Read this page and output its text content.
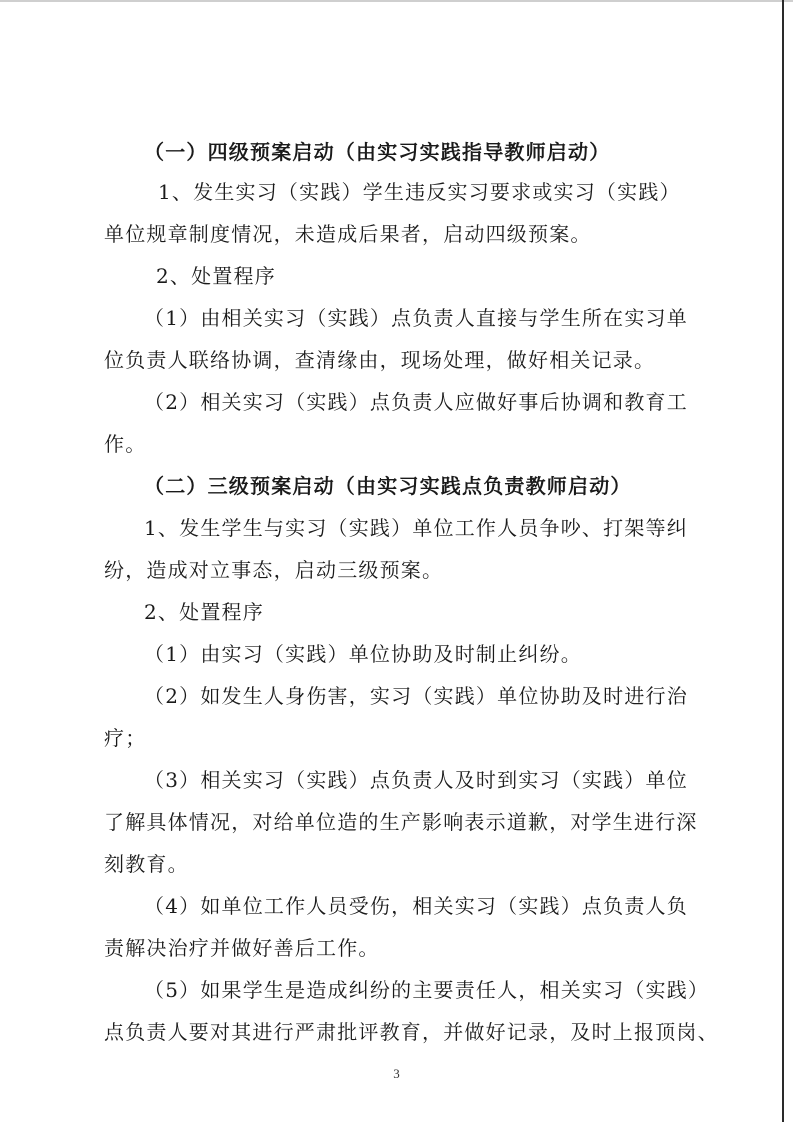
（一）四级预案启动（由实习实践指导教师启动）
1、发生实习（实践）学生违反实习要求或实习（实践）
单位规章制度情况，未造成后果者，启动四级预案。
2、处置程序
（1）由相关实习（实践）点负责人直接与学生所在实习单
位负责人联络协调，查清缘由，现场处理，做好相关记录。
（2）相关实习（实践）点负责人应做好事后协调和教育工
作。
（二）三级预案启动（由实习实践点负责教师启动）
1、发生学生与实习（实践）单位工作人员争吵、打架等纠
纷，造成对立事态，启动三级预案。
2、处置程序
（1）由实习（实践）单位协助及时制止纠纷。
（2）如发生人身伤害，实习（实践）单位协助及时进行治
疗；
（3）相关实习（实践）点负责人及时到实习（实践）单位
了解具体情况，对给单位造的生产影响表示道歉，对学生进行深
刻教育。
（4）如单位工作人员受伤，相关实习（实践）点负责人负
责解决治疗并做好善后工作。
（5）如果学生是造成纠纷的主要责任人，相关实习（实践）
点负责人要对其进行严肃批评教育，并做好记录，及时上报顶岗、
3
